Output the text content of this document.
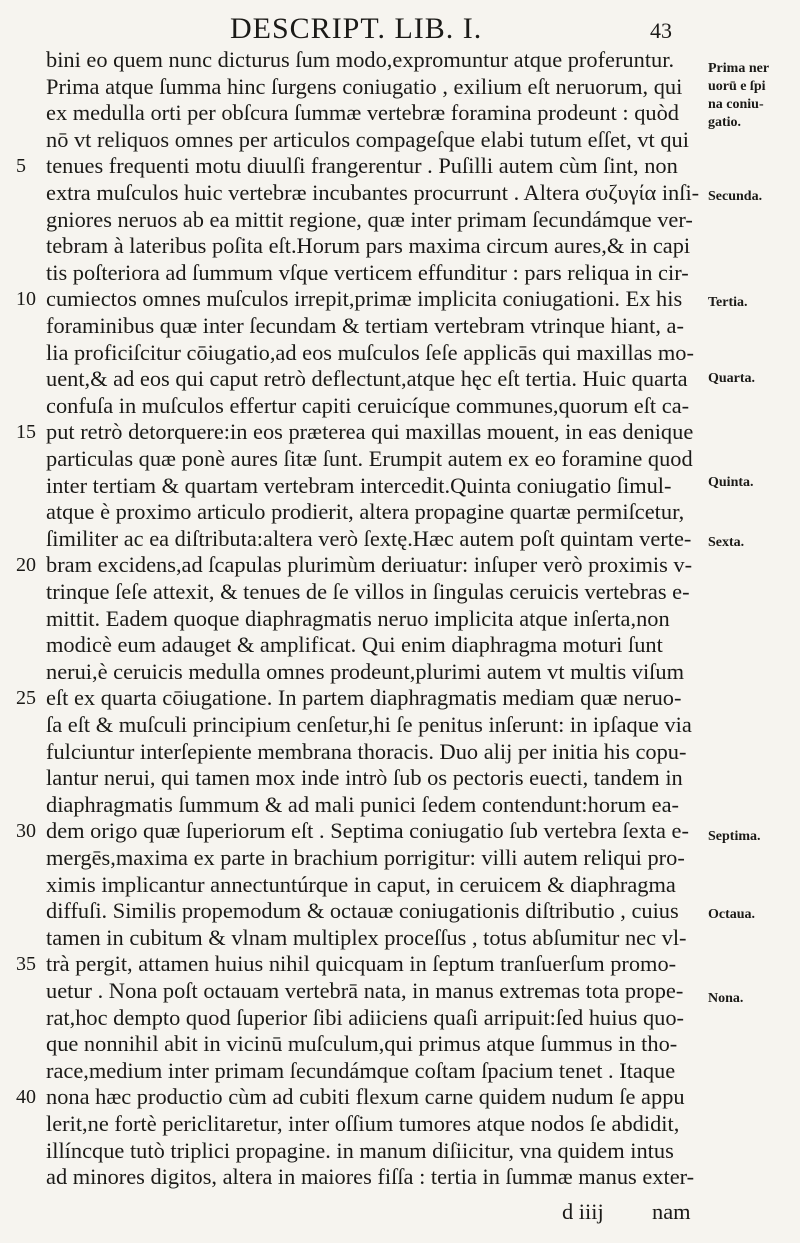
DESCRIPT. LIB. I.	43
bini eo quem nunc dicturus ſum modo,expromuntur atque proferuntur.
Prima atque ſumma hinc ſurgens coniugatio , exilium eſt neruorum, qui
ex medulla orti per obſcura ſummæ vertebræ foramina prodeunt : quòd
nō vt reliquos omnes per articulos compageſque elabi tutum eſſet, vt qui
tenues frequenti motu diuulſi frangerentur . Puſilli autem cùm ſint, non
extra muſculos huic vertebræ incubantes procurrunt . Altera συζυγία inſi-
gniores neruos ab ea mittit regione, quæ inter primam ſecundámque ver-
tebram à lateribus poſita eſt.Horum pars maxima circum aures,& in capi
tis poſteriora ad ſummum vſque verticem effunditur : pars reliqua in cir-
cumiectos omnes muſculos irrepit,primæ implicita coniugationi. Ex his
foraminibus quæ inter ſecundam & tertiam vertebram vtrinque hiant, a-
lia proficiſcitur cōiugatio,ad eos muſculos ſeſe applicās qui maxillas mo-
uent,& ad eos qui caput retrò deflectunt,atque hęc eſt tertia. Huic quarta
confuſa in muſculos effertur capiti ceruicíque communes,quorum eſt ca-
put retrò detorquere:in eos præterea qui maxillas mouent, in eas denique
particulas quæ ponè aures ſitæ ſunt. Erumpit autem ex eo foramine quod
inter tertiam & quartam vertebram intercedit.Quinta coniugatio ſimul-
atque è proximo articulo prodierit, altera propagine quartæ permiſcetur,
ſimiliter ac ea diſtributa:altera verò ſextę.Hæc autem poſt quintam verte-
bram excidens,ad ſcapulas plurimùm deriuatur: inſuper verò proximis v-
trinque ſeſe attexit, & tenues de ſe villos in ſingulas ceruicis vertebras e-
mittit. Eadem quoque diaphragmatis neruo implicita atque inſerta,non
modicè eum adauget & amplificat. Qui enim diaphragma moturi ſunt
nerui,è ceruicis medulla omnes prodeunt,plurimi autem vt multis viſum
eſt ex quarta cōiugatione. In partem diaphragmatis mediam quæ neruo-
ſa eſt & muſculi principium cenſetur,hi ſe penitus inſerunt: in ipſaque via
fulciuntur interſepiente membrana thoracis. Duo alij per initia his copu-
lantur nerui, qui tamen mox inde intrò ſub os pectoris euecti, tandem in
diaphragmatis ſummum & ad mali punici ſedem contendunt:horum ea-
dem origo quæ ſuperiorum eſt . Septima coniugatio ſub vertebra ſexta e-
mergēs,maxima ex parte in brachium porrigitur: villi autem reliqui pro-
ximis implicantur annectuntúrque in caput, in ceruicem & diaphragma
diffuſi. Similis propemodum & octauæ coniugationis diſtributio , cuius
tamen in cubitum & vlnam multiplex proceſſus , totus abſumitur nec vl-
trà pergit, attamen huius nihil quicquam in ſeptum tranſuerſum promo-
uetur . Nona poſt octauam vertebrā nata, in manus extremas tota prope-
rat,hoc dempto quod ſuperior ſibi adiiciens quaſi arripuit:ſed huius quo-
que nonnihil abit in vicinū muſculum,qui primus atque ſummus in tho-
race,medium inter primam ſecundámque coſtam ſpacium tenet . Itaque
nona hæc productio cùm ad cubiti flexum carne quidem nudum ſe appu
lerit,ne fortè periclitaretur, inter oſſium tumores atque nodos ſe abdidit,
illíncque tutò triplici propagine. in manum diſiicitur, vna quidem intus
ad minores digitos, altera in maiores fiſſa : tertia in ſummæ manus exter-
d iiij nam
5
10
15
20
25
30
35
40
Prima ner
uorū e ſpi
na coniu-
gatio.
Secunda.
Tertia.
Quarta.
Quinta.
Sexta.
Septima.
Octaua.
Nona.
